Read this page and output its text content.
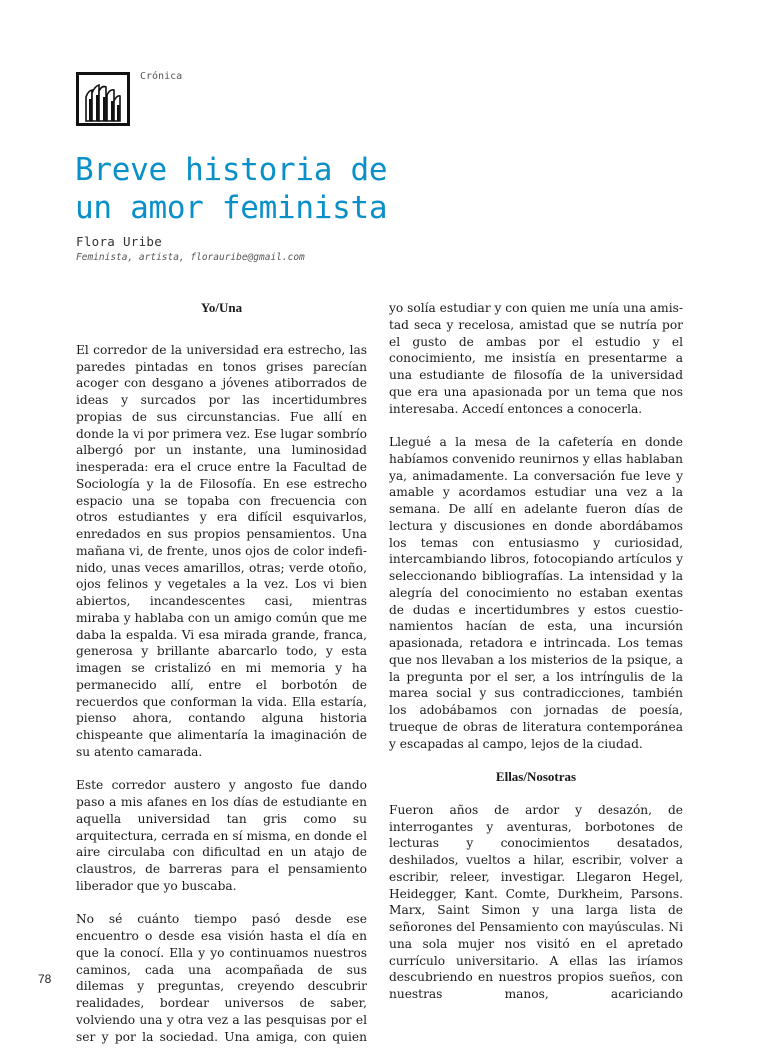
Crónica
Breve historia de
un amor feminista
Flora Uribe
Feminista, artista, florauribe@gmail.com
Yo/Una

El corredor de la universidad era estrecho, las paredes pintadas en tonos grises parecían acoger con desgano a jóvenes atiborrados de ideas y surcados por las incertidumbres propias de sus circunstancias. Fue allí en donde la vi por primera vez. Ese lugar sombrío albergó por un instante, una luminosidad inesperada: era el cruce entre la Facultad de Sociología y la de Filosofía. En ese estrecho espacio una se topaba con frecuencia con otros estudiantes y era difícil esquivarlos, enredados en sus propios pensamientos. Una mañana vi, de frente, unos ojos de color indefinido, unas veces amarillos, otras; verde otoño, ojos felinos y vegetales a la vez. Los vi bien abiertos, incandescentes casi, mientras miraba y hablaba con un amigo común que me daba la espalda. Vi esa mirada grande, franca, generosa y brillante abarcarlo todo, y esta imagen se cristalizó en mi memoria y ha permanecido allí, entre el borbotón de recuerdos que conforman la vida. Ella estaría, pienso ahora, contando alguna historia chispeante que alimentaría la imaginación de su atento camarada.

Este corredor austero y angosto fue dando paso a mis afanes en los días de estudiante en aquella universidad tan gris como su arquitectura, cerrada en sí misma, en donde el aire circulaba con dificultad en un atajo de claustros, de barreras para el pensamiento liberador que yo buscaba.

No sé cuánto tiempo pasó desde ese encuentro o desde esa visión hasta el día en que la conocí. Ella y yo continuamos nuestros caminos, cada una acompañada de sus dilemas y preguntas, creyendo descubrir realidades, bordear universos de saber, volviendo una y otra vez a las pesquisas por el ser y por la sociedad. Una amiga, con quien

yo solía estudiar y con quien me unía una amistad seca y recelosa, amistad que se nutría por el gusto de ambas por el estudio y el conocimiento, me insistía en presentarme a una estudiante de filosofía de la universidad que era una apasionada por un tema que nos interesaba. Accedí entonces a conocerla.

Llegué a la mesa de la cafetería en donde habíamos convenido reunirnos y ellas hablaban ya, animadamente. La conversación fue leve y amable y acordamos estudiar una vez a la semana. De allí en adelante fueron días de lectura y discusiones en donde abordábamos los temas con entusiasmo y curiosidad, intercambiando libros, fotocopiando artículos y seleccionando bibliografías. La intensidad y la alegría del conocimiento no estaban exentas de dudas e incertidumbres y estos cuestionamientos hacían de esta, una incursión apasionada, retadora e intrincada. Los temas que nos llevaban a los misterios de la psique, a la pregunta por el ser, a los intríngulis de la marea social y sus contradicciones, también los adobábamos con jornadas de poesía, trueque de obras de literatura contemporánea y escapadas al campo, lejos de la ciudad.

Ellas/Nosotras

Fueron años de ardor y desazón, de interrogantes y aventuras, borbotones de lecturas y conocimientos desatados, deshilados, vueltos a hilar, escribir, volver a escribir, releer, investigar. Llegaron Hegel, Heidegger, Kant. Comte, Durkheim, Parsons. Marx, Saint Simon y una larga lista de señorones del Pensamiento con mayúsculas. Ni una sola mujer nos visitó en el apretado currículo universitario. A ellas las iríamos descubriendo en nuestros propios sueños, con nuestras manos, acariciando

78
